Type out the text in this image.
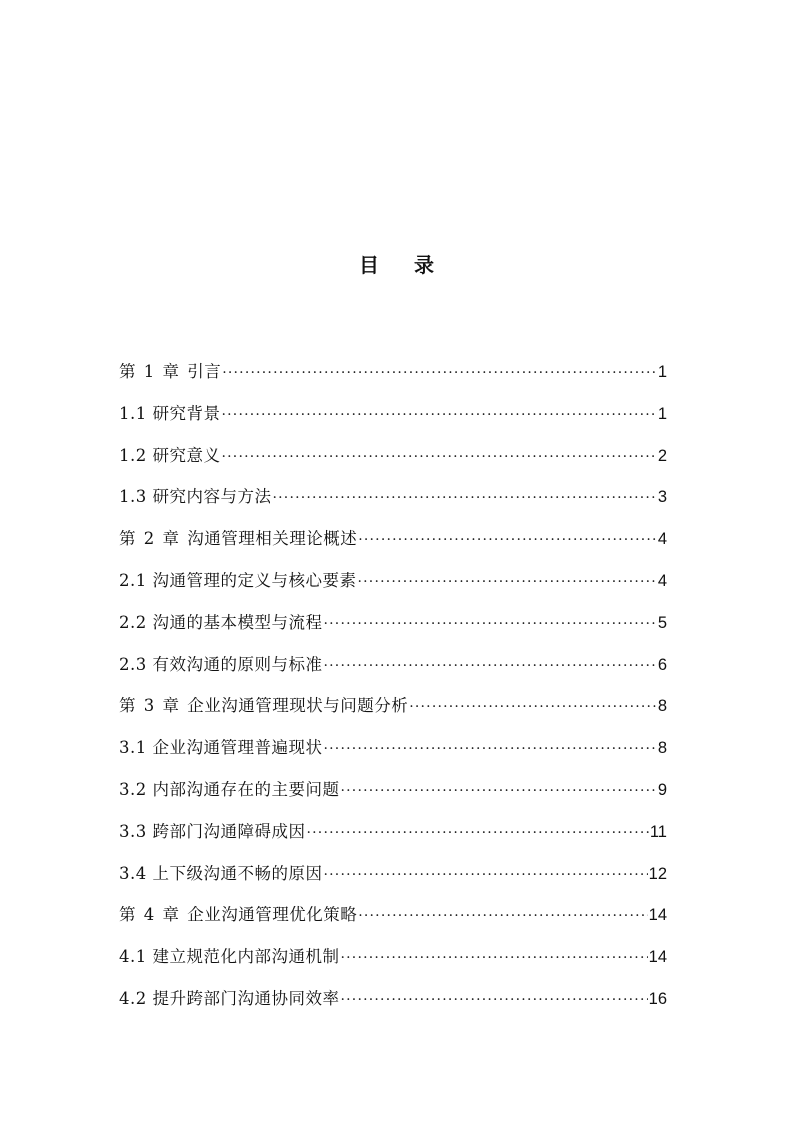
目 录
第 1 章 引言 ·····	1
1.1 研究背景 ·····	1
1.2 研究意义 ·····	2
1.3 研究内容与方法 ·····	3
第 2 章 沟通管理相关理论概述 ·····	4
2.1 沟通管理的定义与核心要素 ·····	4
2.2 沟通的基本模型与流程 ·····	5
2.3 有效沟通的原则与标准 ·····	6
第 3 章 企业沟通管理现状与问题分析 ·····	8
3.1 企业沟通管理普遍现状 ·····	8
3.2 内部沟通存在的主要问题 ·····	9
3.3 跨部门沟通障碍成因 ·····	11
3.4 上下级沟通不畅的原因 ·····	12
第 4 章 企业沟通管理优化策略 ·····	14
4.1 建立规范化内部沟通机制 ·····	14
4.2 提升跨部门沟通协同效率 ·····	16
